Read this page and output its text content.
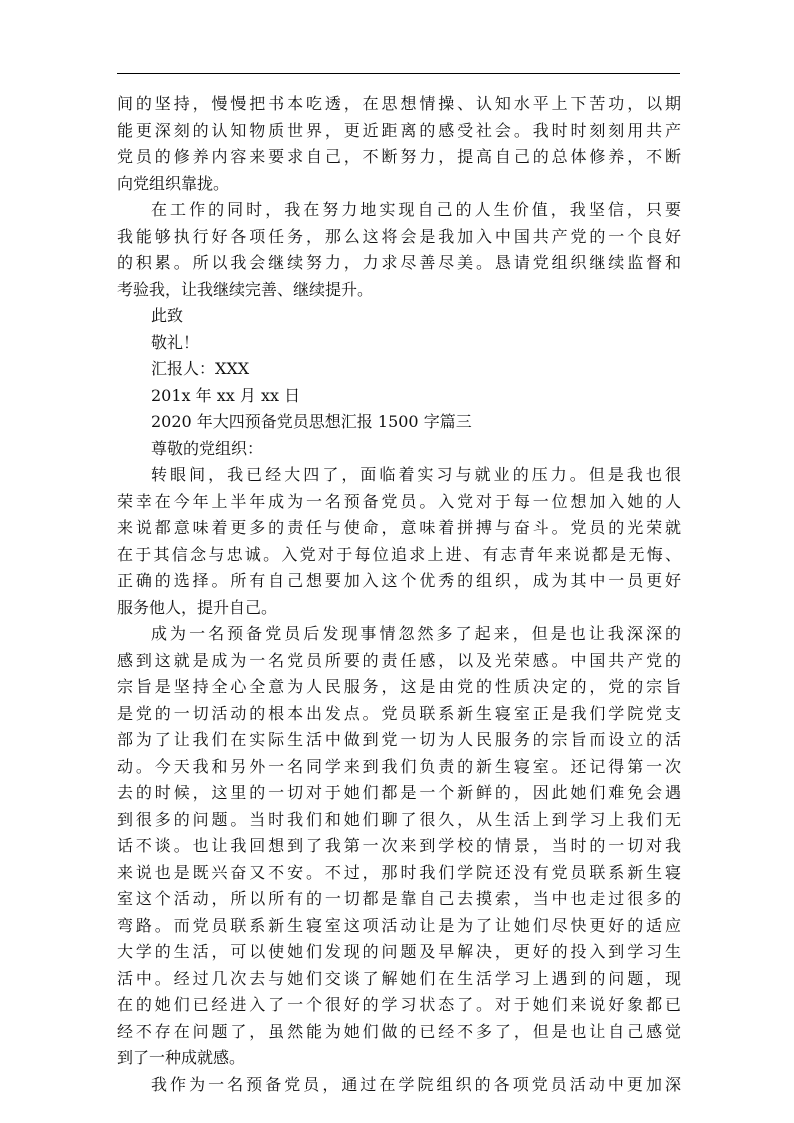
间的坚持，慢慢把书本吃透，在思想情操、认知水平上下苦功，以期
能更深刻的认知物质世界，更近距离的感受社会。我时时刻刻用共产
党员的修养内容来要求自己，不断努力，提高自己的总体修养，不断
向党组织靠拢。
在工作的同时，我在努力地实现自己的人生价值，我坚信，只要
我能够执行好各项任务，那么这将会是我加入中国共产党的一个良好
的积累。所以我会继续努力，力求尽善尽美。恳请党组织继续监督和
考验我，让我继续完善、继续提升。
此致
敬礼！
汇报人：XXX
201x 年 xx 月 xx 日
2020 年大四预备党员思想汇报 1500 字篇三
尊敬的党组织：
转眼间，我已经大四了，面临着实习与就业的压力。但是我也很
荣幸在今年上半年成为一名预备党员。入党对于每一位想加入她的人
来说都意味着更多的责任与使命，意味着拼搏与奋斗。党员的光荣就
在于其信念与忠诚。入党对于每位追求上进、有志青年来说都是无悔、
正确的选择。所有自己想要加入这个优秀的组织，成为其中一员更好
服务他人，提升自己。
成为一名预备党员后发现事情忽然多了起来，但是也让我深深的
感到这就是成为一名党员所要的责任感，以及光荣感。中国共产党的
宗旨是坚持全心全意为人民服务，这是由党的性质决定的，党的宗旨
是党的一切活动的根本出发点。党员联系新生寝室正是我们学院党支
部为了让我们在实际生活中做到党一切为人民服务的宗旨而设立的活
动。今天我和另外一名同学来到我们负责的新生寝室。还记得第一次
去的时候，这里的一切对于她们都是一个新鲜的，因此她们难免会遇
到很多的问题。当时我们和她们聊了很久，从生活上到学习上我们无
话不谈。也让我回想到了我第一次来到学校的情景，当时的一切对我
来说也是既兴奋又不安。不过，那时我们学院还没有党员联系新生寝
室这个活动，所以所有的一切都是靠自己去摸索，当中也走过很多的
弯路。而党员联系新生寝室这项活动让是为了让她们尽快更好的适应
大学的生活，可以使她们发现的问题及早解决，更好的投入到学习生
活中。经过几次去与她们交谈了解她们在生活学习上遇到的问题，现
在的她们已经进入了一个很好的学习状态了。对于她们来说好象都已
经不存在问题了，虽然能为她们做的已经不多了，但是也让自己感觉
到了一种成就感。
我作为一名预备党员，通过在学院组织的各项党员活动中更加深
